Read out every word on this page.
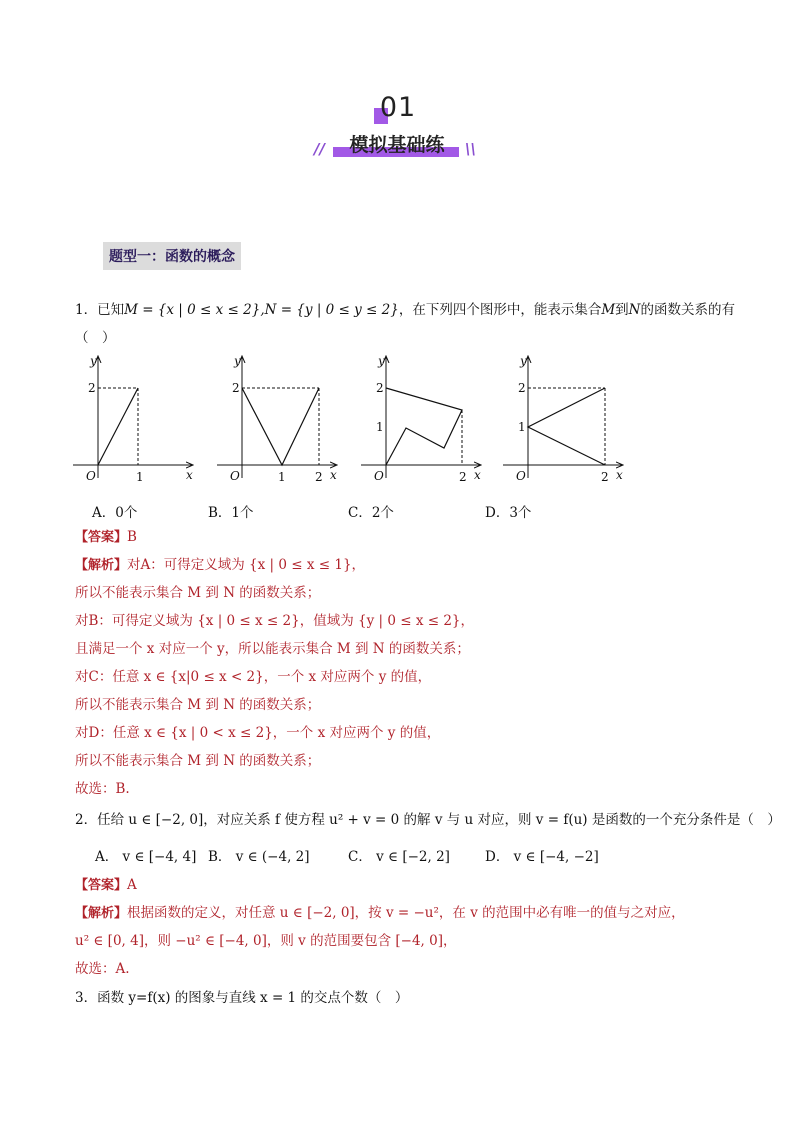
01
模拟基础练
//	\\
题型一：函数的概念
1．已知M = {x | 0 ≤ x ≤ 2},N = {y | 0 ≤ y ≤ 2}，在下列四个图形中，能表示集合M到N的函数关系的有
（　）
y
x
O	1
2
y
x
O	1 2
2
y
x
O	2
2
1
y
x
O	2
2
1
A．0个	B．1个	C．2个	D．3个
【答案】B
【解析】对A：可得定义域为 {x | 0 ≤ x ≤ 1}，
所以不能表示集合 M 到 N 的函数关系；
对B：可得定义域为 {x | 0 ≤ x ≤ 2}，值域为 {y | 0 ≤ x ≤ 2}，
且满足一个 x 对应一个 y，所以能表示集合 M 到 N 的函数关系；
对C：任意 x ∈ {x|0 ≤ x < 2}，一个 x 对应两个 y 的值，
所以不能表示集合 M 到 N 的函数关系；
对D：任意 x ∈ {x | 0 < x ≤ 2}，一个 x 对应两个 y 的值，
所以不能表示集合 M 到 N 的函数关系；
故选：B.
2．任给 u ∈ [−2, 0]，对应关系 f 使方程 u² + v = 0 的解 v 与 u 对应，则 v = f(u) 是函数的一个充分条件是（　）
A． v ∈ [−4, 4] B． v ∈ (−4, 2]	C． v ∈ [−2, 2]	D． v ∈ [−4, −2]
【答案】A
【解析】根据函数的定义，对任意 u ∈ [−2, 0]，按 v = −u²，在 v 的范围中必有唯一的值与之对应，
u² ∈ [0, 4]，则 −u² ∈ [−4, 0]，则 v 的范围要包含 [−4, 0]，
故选：A.
3．函数 y=f(x) 的图象与直线 x = 1 的交点个数（　）
